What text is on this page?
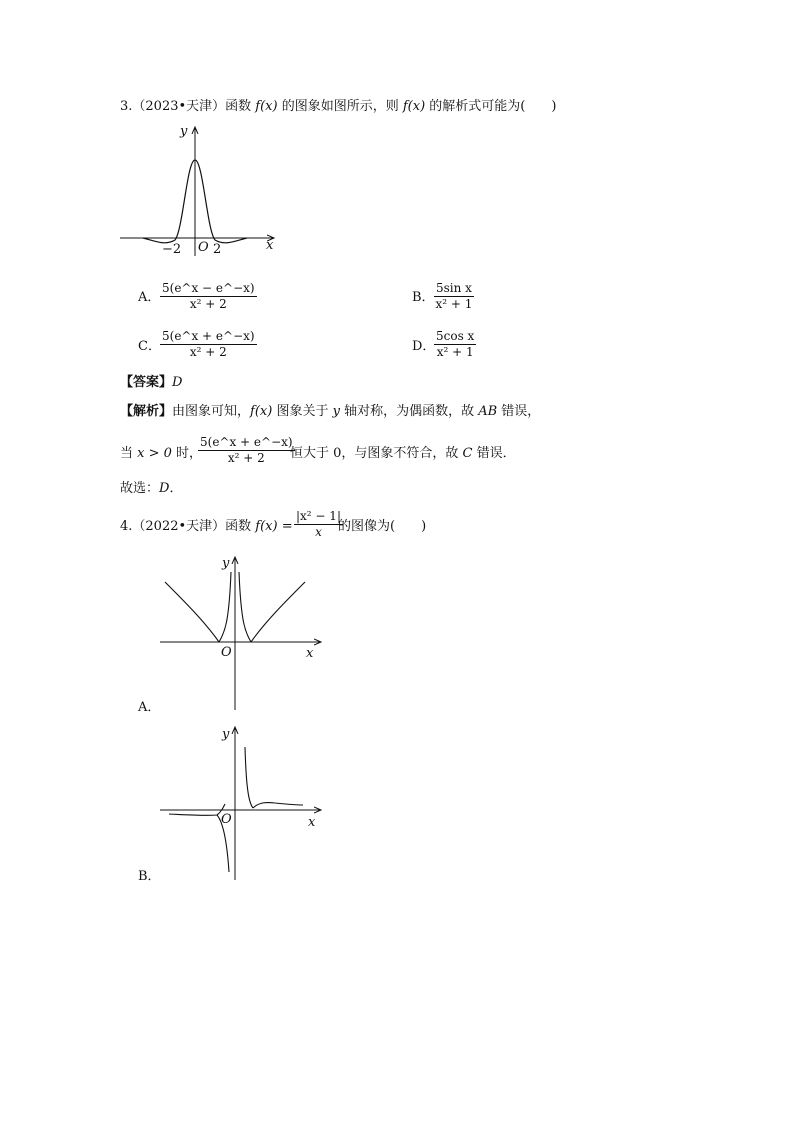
3.（2023•天津）函数 f(x) 的图象如图所示，则 f(x) 的解析式可能为(　　)
y
x
O
−2 2
A． $\frac{5(e\^{}x - e\^{}-x)}{\text{x² + 2}}$	B． $\frac{\text{5sin x}}{\text{x² + 1}}$
C． $\frac{5(e\^{}x + e\^{}-x)}{\text{x² + 2}}$	D．
$\frac{\text{5cos x}}{\text{x² + 1}}$
【答案】D
【解析】由图象可知，f(x) 图象关于 y 轴对称，为偶函数，故 AB 错误，
当 x > 0 时，
$\frac{5(e\^{}x + e\^{}-x)}{\text{x² + 2}}$
恒大于 0，与图象不符合，故 C 错误．
故选：D．
4.（2022•天津）函数 $f(x) = \frac{\text{|x² − 1|}}{x}$
的图像为(　　)
y
x
O
A．
y
x
O
B．
